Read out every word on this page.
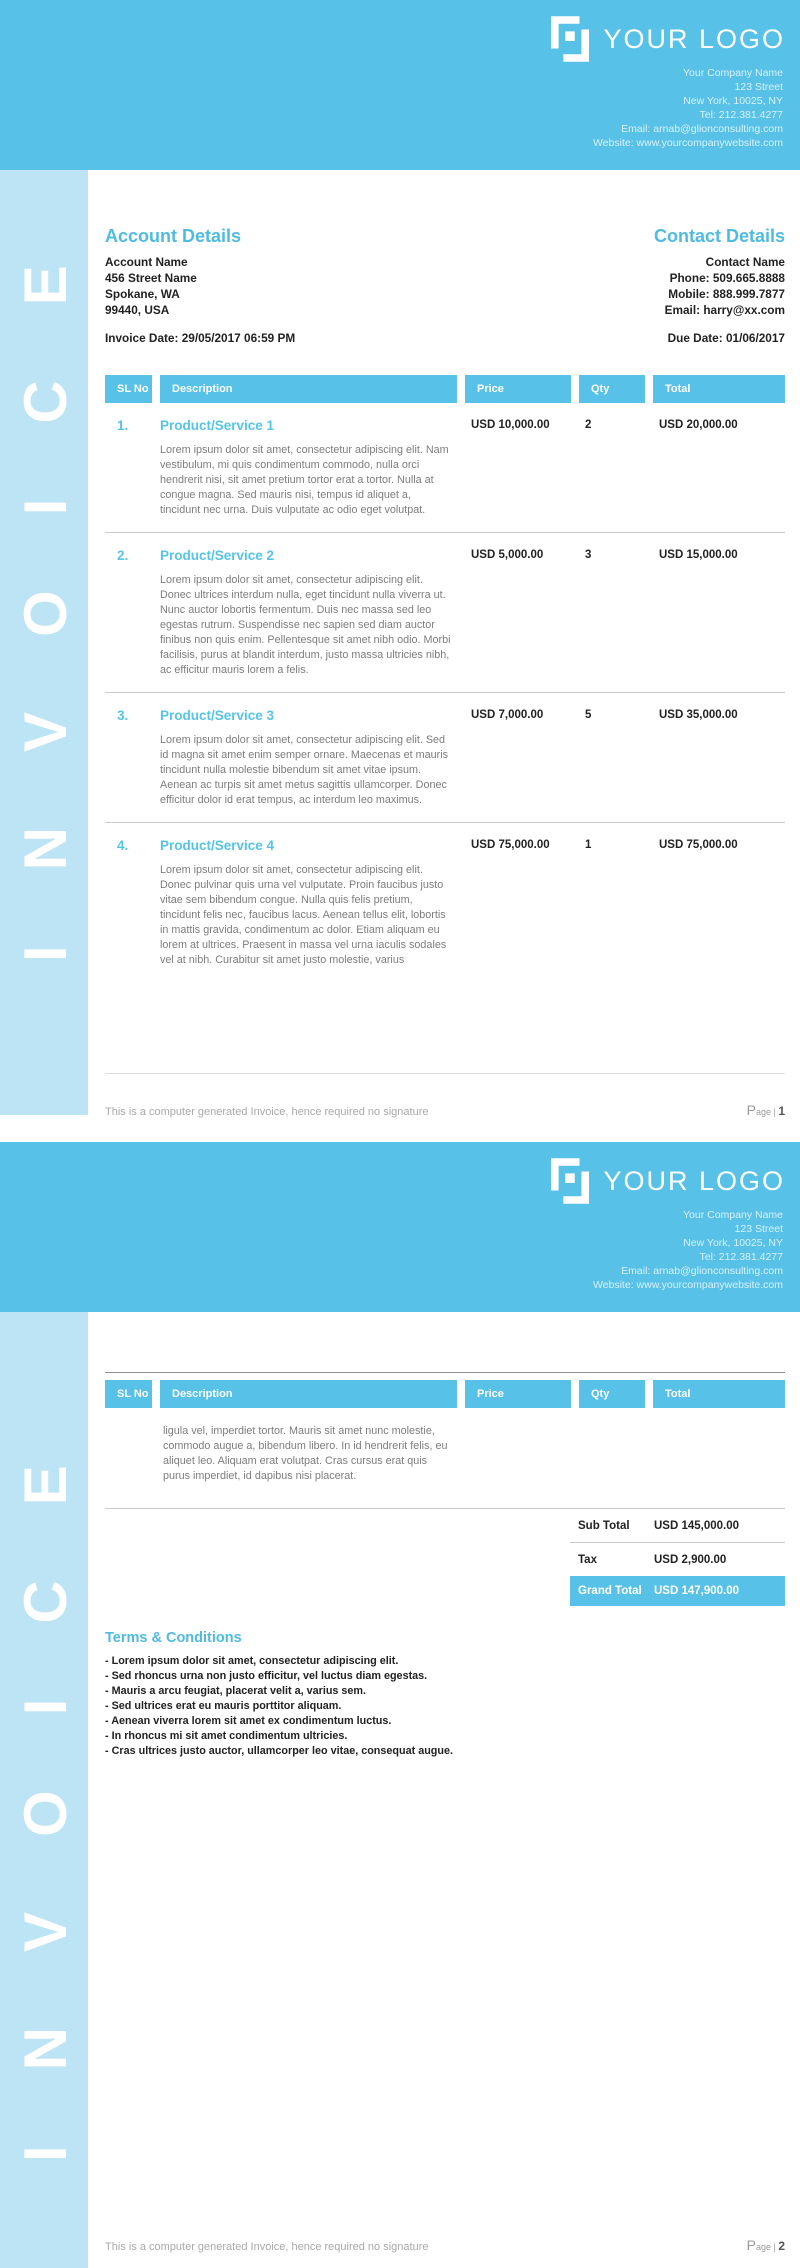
YOUR LOGO
Your Company Name
123 Street
New York, 10025, NY
Tel: 212.381.4277
Email: arnab@glionconsulting.com
Website: www.yourcompanywebsite.com
INVOICE Account Details
Account Name
456 Street Name
Spokane, WA
99440, USA
Contact Details
Contact Name
Phone: 509.665.8888
Mobile: 888.999.7877
Email: harry@xx.com
Invoice Date: 29/05/2017 06:59 PM	Due Date: 01/06/2017
SL No	Description	Price	Qty	Total
1.	Product/Service 1
Lorem ipsum dolor sit amet, consectetur adipiscing elit. Nam vestibulum, mi quis condimentum commodo, nulla orci hendrerit nisi, sit amet pretium tortor erat a tortor. Nulla at congue magna. Sed mauris nisi, tempus id aliquet a, tincidunt nec urna. Duis vulputate ac odio eget volutpat.
USD 10,000.00	2	USD 20,000.00
2.	Product/Service 2
Lorem ipsum dolor sit amet, consectetur adipiscing elit. Donec ultrices interdum nulla, eget tincidunt nulla viverra ut. Nunc auctor lobortis fermentum. Duis nec massa sed leo egestas rutrum. Suspendisse nec sapien sed diam auctor finibus non quis enim. Pellentesque sit amet nibh odio. Morbi facilisis, purus at blandit interdum, justo massa ultricies nibh, ac efficitur mauris lorem a felis.
USD 5,000.00	3	USD 15,000.00
3.	Product/Service 3
Lorem ipsum dolor sit amet, consectetur adipiscing elit. Sed id magna sit amet enim semper ornare. Maecenas et mauris tincidunt nulla molestie bibendum sit amet vitae ipsum. Aenean ac turpis sit amet metus sagittis ullamcorper. Donec efficitur dolor id erat tempus, ac interdum leo maximus.
USD 7,000.00	5	USD 35,000.00
4.	Product/Service 4
Lorem ipsum dolor sit amet, consectetur adipiscing elit. Donec pulvinar quis urna vel vulputate. Proin faucibus justo vitae sem bibendum congue. Nulla quis felis pretium, tincidunt felis nec, faucibus lacus. Aenean tellus elit, lobortis in mattis gravida, condimentum ac dolor. Etiam aliquam eu lorem at ultrices. Praesent in massa vel urna iaculis sodales vel at nibh. Curabitur sit amet justo molestie, varius
USD 75,000.00	1	USD 75,000.00
This is a computer generated Invoice, hence required no signature	Page | 1
YOUR LOGO
Your Company Name
123 Street
New York, 10025, NY
Tel: 212.381.4277
Email: arnab@glionconsulting.com
Website: www.yourcompanywebsite.com
INVOICE	SL No	Description	Price	Qty	Total
ligula vel, imperdiet tortor. Mauris sit amet nunc molestie, commodo augue a, bibendum libero. In id hendrerit felis, eu aliquet leo. Aliquam erat volutpat. Cras cursus erat quis purus imperdiet, id dapibus nisi placerat.
Sub Total	USD 145,000.00
Tax	USD 2,900.00
Grand Total	USD 147,900.00
Terms & Conditions
- Lorem ipsum dolor sit amet, consectetur adipiscing elit.
- Sed rhoncus urna non justo efficitur, vel luctus diam egestas.
- Mauris a arcu feugiat, placerat velit a, varius sem.
- Sed ultrices erat eu mauris porttitor aliquam.
- Aenean viverra lorem sit amet ex condimentum luctus.
- In rhoncus mi sit amet condimentum ultricies.
- Cras ultrices justo auctor, ullamcorper leo vitae, consequat augue.
This is a computer generated Invoice, hence required no signature	Page | 2
